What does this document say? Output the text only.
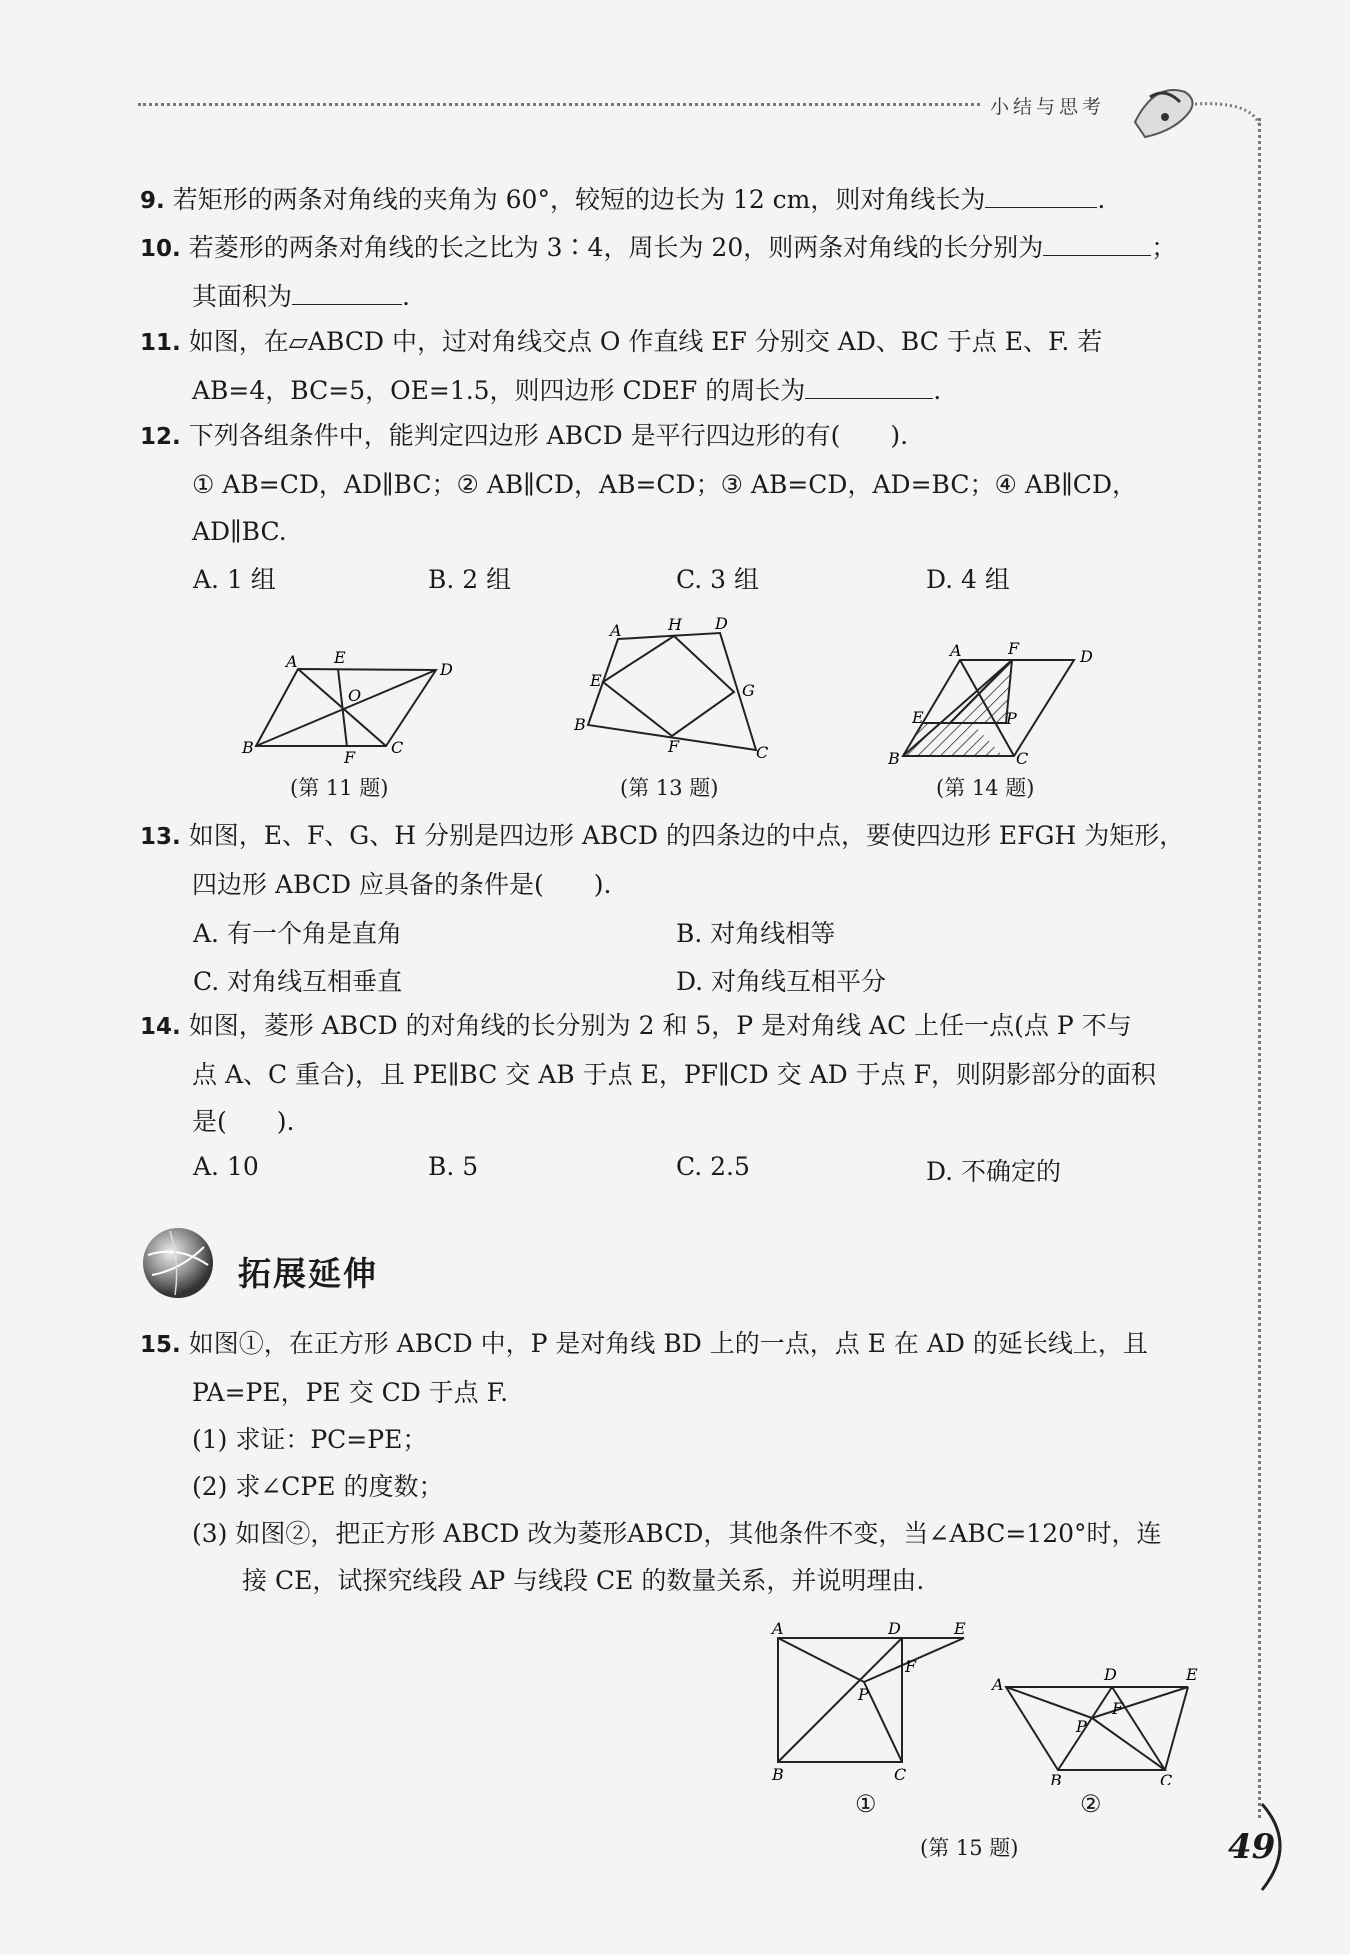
小结与思考
9. 若矩形的两条对角线的夹角为 60°，较短的边长为 12 cm，则对角线长为	.
10. 若菱形的两条对角线的长之比为 3∶4，周长为 20，则两条对角线的长分别为	；
其面积为	.
11. 如图，在▱ABCD 中，过对角线交点 O 作直线 EF 分别交 AD、BC 于点 E、F. 若
AB=4，BC=5，OE=1.5，则四边形 CDEF 的周长为	.
12. 下列各组条件中，能判定四边形 ABCD 是平行四边形的有(　　).
① AB=CD，AD∥BC；② AB∥CD，AB=CD；③ AB=CD，AD=BC；④ AB∥CD，
AD∥BC.
A. 1 组	B. 2 组	C. 3 组	D. 4 组
A E
D
O
B
F
C
(第 11 题)
A	H D
E
G
B
F	C
(第 13 题)
A	F	D
E	P
B	C
(第 14 题)
13. 如图，E、F、G、H 分别是四边形 ABCD 的四条边的中点，要使四边形 EFGH 为矩形，
四边形 ABCD 应具备的条件是(　　).
A. 有一个角是直角	B. 对角线相等
C. 对角线互相垂直	D. 对角线互相平分
14. 如图，菱形 ABCD 的对角线的长分别为 2 和 5，P 是对角线 AC 上任一点(点 P 不与
点 A、C 重合)，且 PE∥BC 交 AB 于点 E，PF∥CD 交 AD 于点 F，则阴影部分的面积
是(　　).
A. 10	B. 5	C. 2.5	D. 不确定的
拓展延伸
15. 如图①，在正方形 ABCD 中，P 是对角线 BD 上的一点，点 E 在 AD 的延长线上，且
PA=PE，PE 交 CD 于点 F.
(1) 求证：PC=PE；
(2) 求∠CPE 的度数；
(3) 如图②，把正方形 ABCD 改为菱形ABCD，其他条件不变，当∠ABC=120°时，连
接 CE，试探究线段 AP 与线段 CE 的数量关系，并说明理由.
A	D	E
F
P
B	C
①
A
D	E
F
P
B	C
②
(第 15 题)	49
